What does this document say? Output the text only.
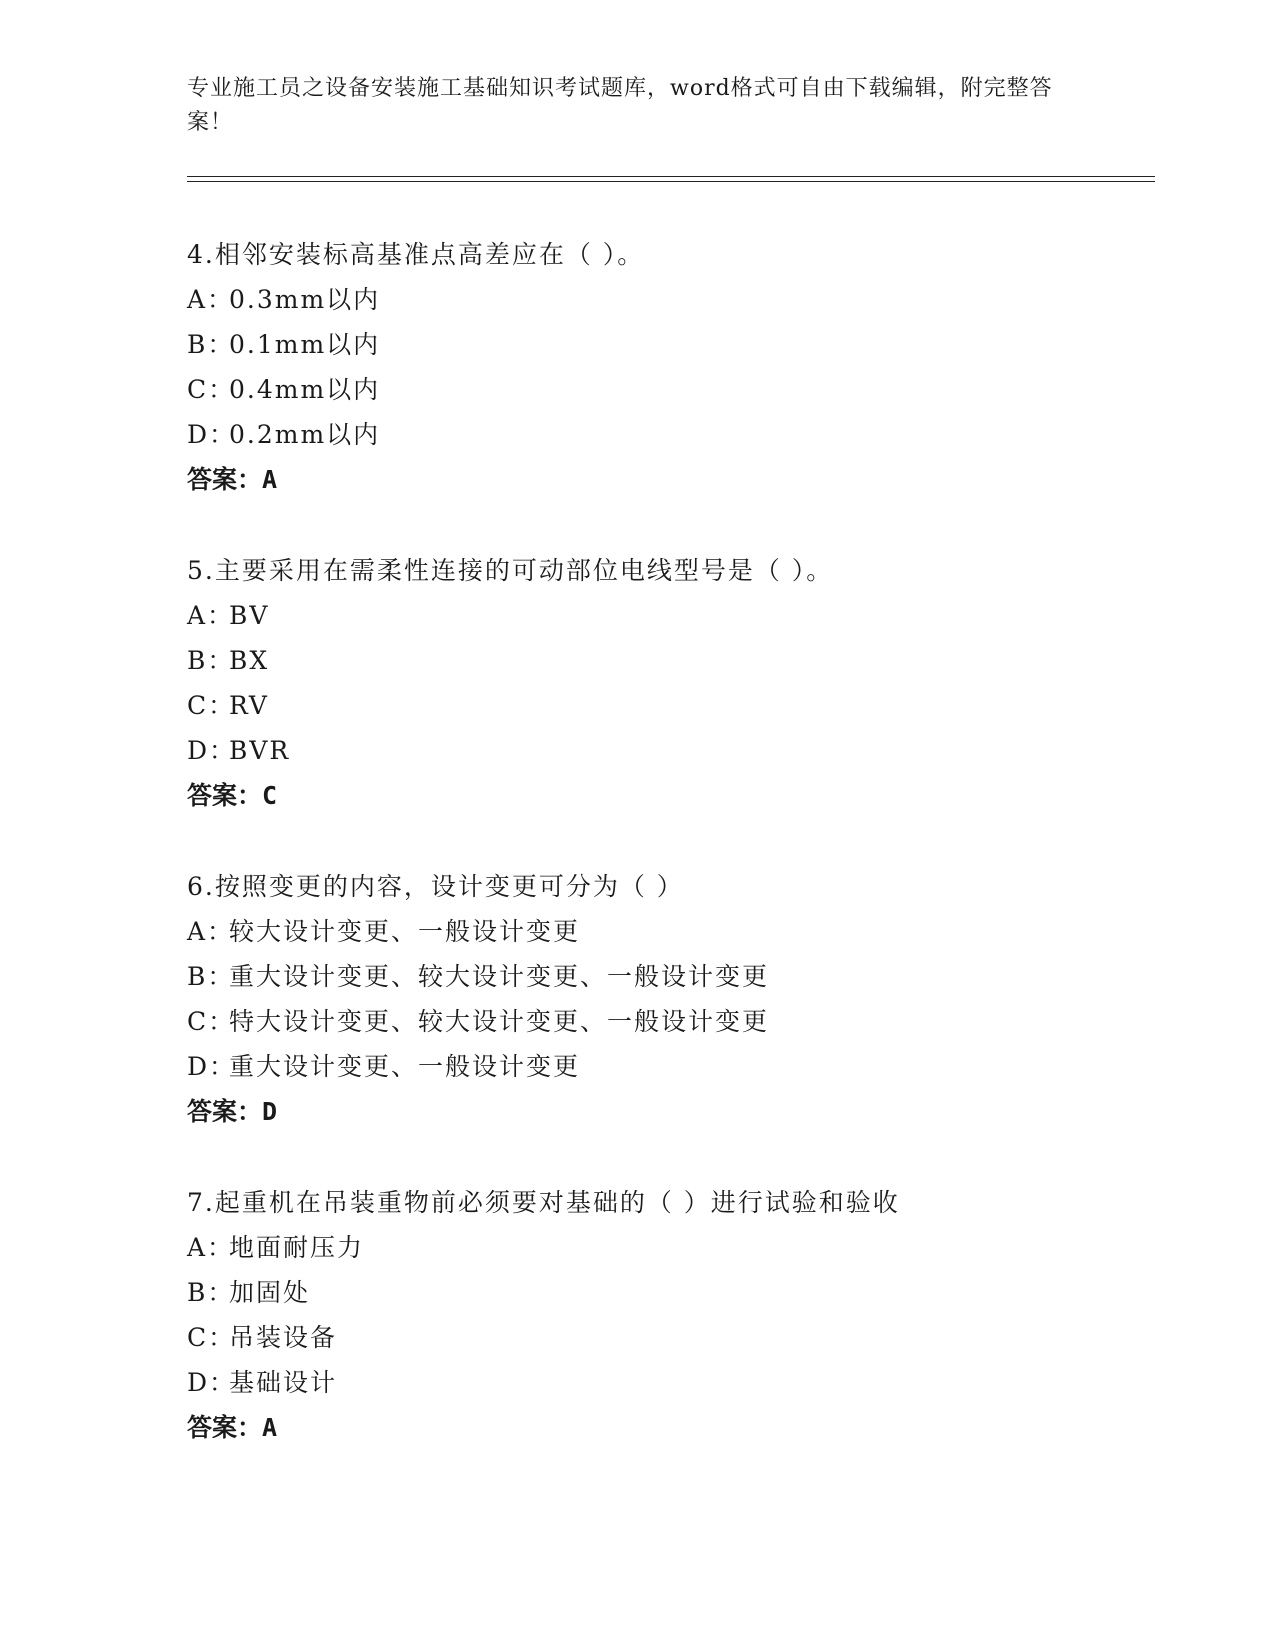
专业施工员之设备安装施工基础知识考试题库，word格式可自由下载编辑，附完整答案！
4.相邻安装标高基准点高差应在（ ）。
A：0.3mm以内
B：0.1mm以内
C：0.4mm以内
D：0.2mm以内
答案：A
5.主要采用在需柔性连接的可动部位电线型号是（ ）。
A：BV
B：BX
C：RV
D：BVR
答案：C
6.按照变更的内容，设计变更可分为（ ）
A：较大设计变更、一般设计变更
B：重大设计变更、较大设计变更、一般设计变更
C：特大设计变更、较大设计变更、一般设计变更
D：重大设计变更、一般设计变更
答案：D
7.起重机在吊装重物前必须要对基础的（ ）进行试验和验收
A：地面耐压力
B：加固处
C：吊装设备
D：基础设计
答案：A
